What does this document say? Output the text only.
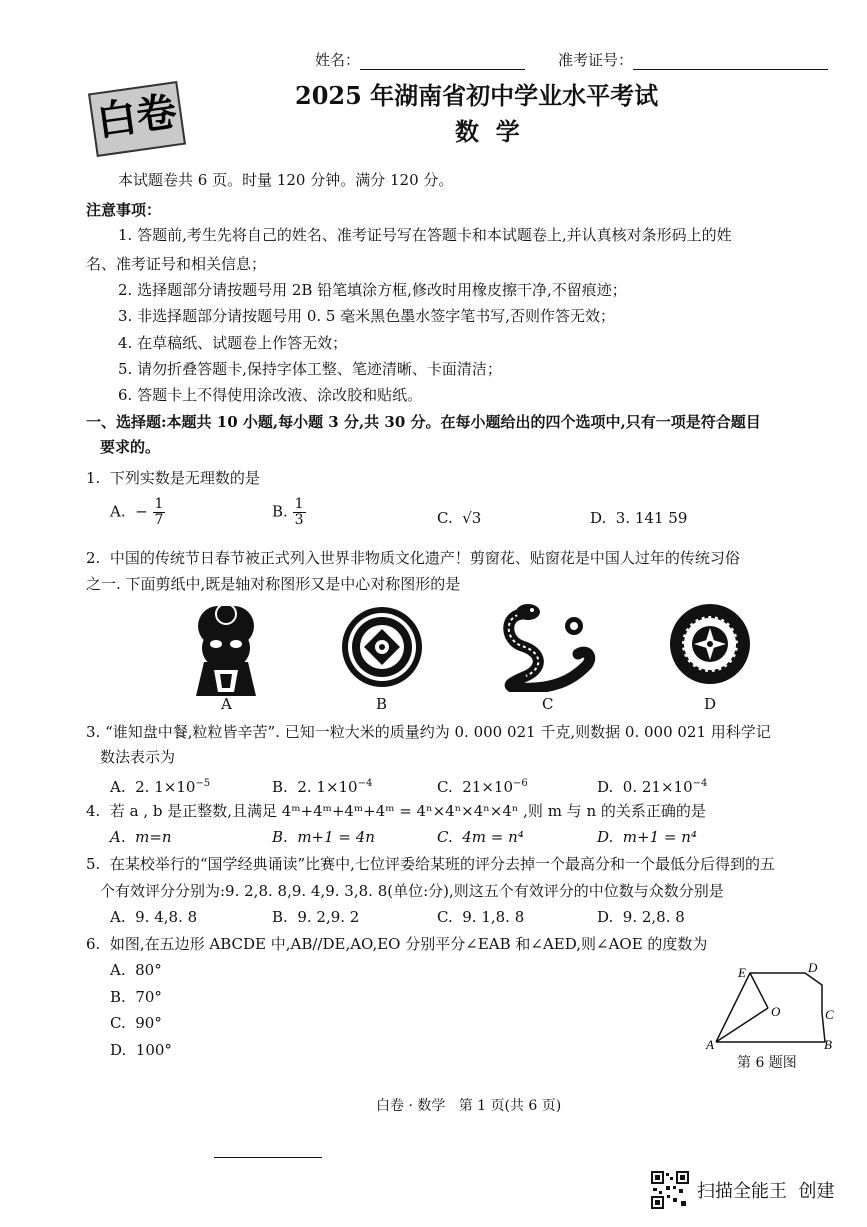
姓名：	准考证号：
白卷	2025 年湖南省初中学业水平考试
数  学
本试题卷共 6 页。时量 120 分钟。满分 120 分。
注意事项：
1. 答题前,考生先将自己的姓名、准考证号写在答题卡和本试题卷上,并认真核对条形码上的姓
名、准考证号和相关信息；
2. 选择题部分请按题号用 2B 铅笔填涂方框,修改时用橡皮擦干净,不留痕迹；
3. 非选择题部分请按题号用 0. 5 毫米黑色墨水签字笔书写,否则作答无效；
4. 在草稿纸、试题卷上作答无效；
5. 请勿折叠答题卡,保持字体工整、笔迹清晰、卡面清洁；
6. 答题卡上不得使用涂改液、涂改胶和贴纸。
一、选择题:本题共 10 小题,每小题 3 分,共 30 分。在每小题给出的四个选项中,只有一项是符合题目
要求的。
1.  下列实数是无理数的是
A.  − $\frac{1}{7}$	B. $\frac{1}{3}$	C.  √3	D.  3. 141 59
2.  中国的传统节日春节被正式列入世界非物质文化遗产！剪窗花、贴窗花是中国人过年的传统习俗
之一. 下面剪纸中,既是轴对称图形又是中心对称图形的是
A	B	C	D
3. “谁知盘中餐,粒粒皆辛苦”. 已知一粒大米的质量约为 0. 000 021 千克,则数据 0. 000 021 用科学记
数法表示为
A.  2. $1\times 10^{-5}$	B.  2. $1\times 10^{-4}$	C.  $21\times 10^{-6}$	D.  0. $21\times 10^{-4}$
4.  若 a , b 是正整数,且满足 4ᵐ+4ᵐ+4ᵐ+4ᵐ = 4ⁿ×4ⁿ×4ⁿ×4ⁿ ,则 m 与 n 的关系正确的是
A.  m=n	B.  m+1 = 4n	C.  4m = n⁴	D.  m+1 = n⁴
5.  在某校举行的“国学经典诵读”比赛中,七位评委给某班的评分去掉一个最高分和一个最低分后得到的五
个有效评分分别为:9. 2,8. 8,9. 4,9. 3,8. 8(单位:分),则这五个有效评分的中位数与众数分别是
A.  9. 4,8. 8	B.  9. 2,9. 2	C.  9. 1,8. 8	D.  9. 2,8. 8
6.  如图,在五边形 ABCDE 中,AB//DE,AO,EO 分别平分∠EAB 和∠AED,则∠AOE 的度数为
A.  80°
B.  70°
C.  90°
D.  100°
E	D
C
O
A	B
第 6 题图
白卷 · 数学   第 1 页(共 6 页)
扫描全能王  创建
